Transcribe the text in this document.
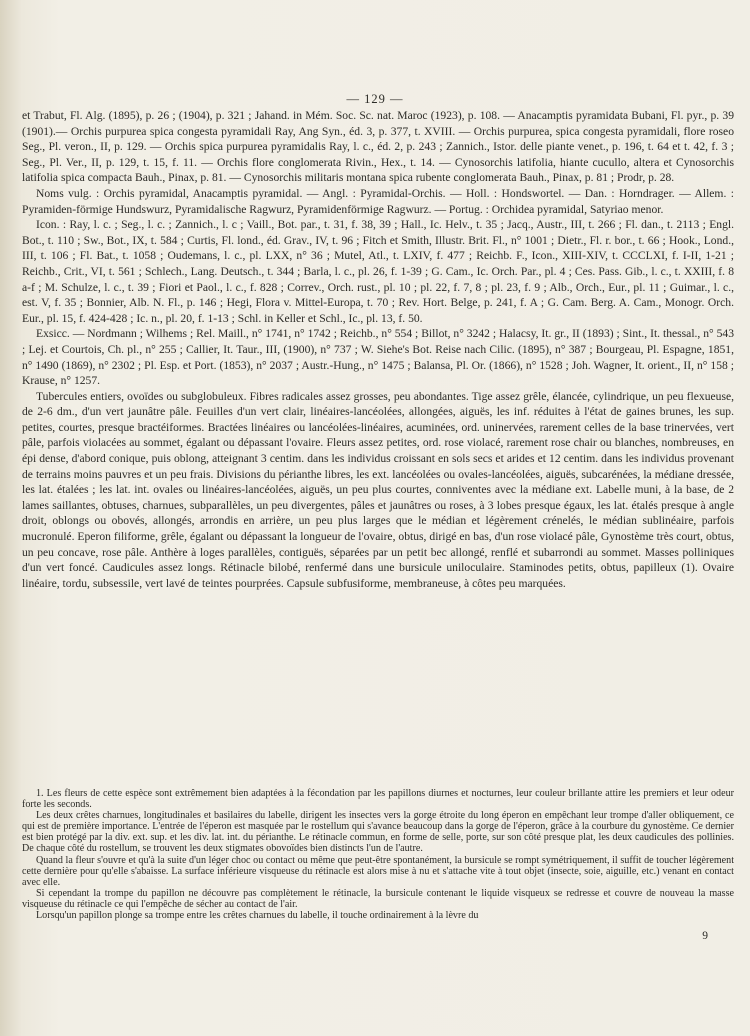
— 129 —

et Trabut, Fl. Alg. (1895), p. 26 ; (1904), p. 321 ; Jahand. in Mém. Soc. Sc. nat. Maroc (1923), p. 108. — Anacamptis pyramidata Bubani, Fl. pyr., p. 39 (1901).— Orchis purpurea spica congesta pyramidali Ray, Ang Syn., éd. 3, p. 377, t. XVIII. — Orchis purpurea, spica congesta pyramidali, flore roseo Seg., Pl. veron., II, p. 129. — Orchis spica purpurea pyramidalis Ray, l. c., éd. 2, p. 243 ; Zannich., Istor. delle piante venet., p. 196, t. 64 et t. 42, f. 3 ; Seg., Pl. Ver., II, p. 129, t. 15, f. 11. — Orchis flore conglomerata Rivin., Hex., t. 14. — Cynosorchis latifolia, hiante cucullo, altera et Cynosorchis latifolia spica compacta Bauh., Pinax, p. 81. — Cynosorchis militaris montana spica rubente conglomerata Bauh., Pinax, p. 81 ; Prodr, p. 28.

Noms vulg. : Orchis pyramidal, Anacamptis pyramidal. — Angl. : Pyramidal-Orchis. — Holl. : Hondswortel. — Dan. : Horndrager. — Allem. : Pyramiden-förmige Hundswurz, Pyramidalische Ragwurz, Pyramidenförmige Ragwurz. — Portug. : Orchidea pyramidal, Satyriao menor.

Icon. : Ray, l. c. ; Seg., l. c. ; Zannich., l. c ; Vaill., Bot. par., t. 31, f. 38, 39 ; Hall., Ic. Helv., t. 35 ; Jacq., Austr., III, t. 266 ; Fl. dan., t. 2113 ; Engl. Bot., t. 110 ; Sw., Bot., IX, t. 584 ; Curtis, Fl. lond., éd. Grav., IV, t. 96 ; Fitch et Smith, Illustr. Brit. Fl., n° 1001 ; Dietr., Fl. r. bor., t. 66 ; Hook., Lond., III, t. 106 ; Fl. Bat., t. 1058 ; Oudemans, l. c., pl. LXX, n° 36 ; Mutel, Atl., t. LXIV, f. 477 ; Reichb. F., Icon., XIII-XIV, t. CCCLXI, f. I-II, 1-21 ; Reichb., Crit., VI, t. 561 ; Schlech., Lang. Deutsch., t. 344 ; Barla, l. c., pl. 26, f. 1-39 ; G. Cam., Ic. Orch. Par., pl. 4 ; Ces. Pass. Gib., l. c., t. XXIII, f. 8 a-f ; M. Schulze, l. c., t. 39 ; Fiori et Paol., l. c., f. 828 ; Correv., Orch. rust., pl. 10 ; pl. 22, f. 7, 8 ; pl. 23, f. 9 ; Alb., Orch., Eur., pl. 11 ; Guimar., l. c., est. V, f. 35 ; Bonnier, Alb. N. Fl., p. 146 ; Hegi, Flora v. Mittel-Europa, t. 70 ; Rev. Hort. Belge, p. 241, f. A ; G. Cam. Berg. A. Cam., Monogr. Orch. Eur., pl. 15, f. 424-428 ; Ic. n., pl. 20, f. 1-13 ; Schl. in Keller et Schl., Ic., pl. 13, f. 50.

Exsicc. — Nordmann ; Wilhems ; Rel. Maill., n° 1741, n° 1742 ; Reichb., n° 554 ; Billot, n° 3242 ; Halacsy, It. gr., II (1893) ; Sint., It. thessal., n° 543 ; Lej. et Courtois, Ch. pl., n° 255 ; Callier, It. Taur., III, (1900), n° 737 ; W. Siehe's Bot. Reise nach Cilic. (1895), n° 387 ; Bourgeau, Pl. Espagne, 1851, n° 1490 (1869), n° 2302 ; Pl. Esp. et Port. (1853), n° 2037 ; Austr.-Hung., n° 1475 ; Balansa, Pl. Or. (1866), n° 1528 ; Joh. Wagner, It. orient., II, n° 158 ; Krause, n° 1257.

Tubercules entiers, ovoïdes ou subglobuleux. Fibres radicales assez grosses, peu abondantes. Tige assez grêle, élancée, cylindrique, un peu flexueuse, de 2-6 dm., d'un vert jaunâtre pâle. Feuilles d'un vert clair, linéaires-lancéolées, allongées, aiguës, les inf. réduites à l'état de gaines brunes, les sup. petites, courtes, presque bractéiformes. Bractées linéaires ou lancéolées-linéaires, acuminées, ord. uninervées, rarement celles de la base trinervées, vert pâle, parfois violacées au sommet, égalant ou dépassant l'ovaire. Fleurs assez petites, ord. rose violacé, rarement rose chair ou blanches, nombreuses, en épi dense, d'abord conique, puis oblong, atteignant 3 centim. dans les individus croissant en sols secs et arides et 12 centim. dans les individus provenant de terrains moins pauvres et un peu frais. Divisions du périanthe libres, les ext. lancéolées ou ovales-lancéolées, aiguës, subcarénées, la médiane dressée, les lat. étalées ; les lat. int. ovales ou linéaires-lancéolées, aiguës, un peu plus courtes, conniventes avec la médiane ext. Labelle muni, à la base, de 2 lames saillantes, obtuses, charnues, subparallèles, un peu divergentes, pâles et jaunâtres ou roses, à 3 lobes presque égaux, les lat. étalés presque à angle droit, oblongs ou obovés, allongés, arrondis en arrière, un peu plus larges que le médian et légèrement crénelés, le médian sublinéaire, parfois mucronulé. Eperon filiforme, grêle, égalant ou dépassant la longueur de l'ovaire, obtus, dirigé en bas, d'un rose violacé pâle, Gynostème très court, obtus, un peu concave, rose pâle. Anthère à loges parallèles, contiguës, séparées par un petit bec allongé, renflé et subarrondi au sommet. Masses polliniques d'un vert foncé. Caudicules assez longs. Rétinacle bilobé, renfermé dans une bursicule uniloculaire. Staminodes petits, obtus, papilleux (1). Ovaire linéaire, tordu, subsessile, vert lavé de teintes pourprées. Capsule subfusiforme, membraneuse, à côtes peu marquées.

1. Les fleurs de cette espèce sont extrêmement bien adaptées à la fécondation par les papillons diurnes et nocturnes, leur couleur brillante attire les premiers et leur odeur forte les seconds.

Les deux crêtes charnues, longitudinales et basilaires du labelle, dirigent les insectes vers la gorge étroite du long éperon en empêchant leur trompe d'aller obliquement, ce qui est de première importance. L'entrée de l'éperon est masquée par le rostellum qui s'avance beaucoup dans la gorge de l'éperon, grâce à la courbure du gynostème. Ce dernier est bien protégé par la div. ext. sup. et les div. lat. int. du périanthe. Le rétinacle commun, en forme de selle, porte, sur son côté presque plat, les deux caudicules des pollinies. De chaque côté du rostellum, se trouvent les deux stigmates obovoïdes bien distincts l'un de l'autre.

Quand la fleur s'ouvre et qu'à la suite d'un léger choc ou contact ou même que peut-être spontanément, la bursicule se rompt symétriquement, il suffit de toucher légèrement cette dernière pour qu'elle s'abaisse. La surface inférieure visqueuse du rétinacle est alors mise à nu et s'attache vite à tout objet (insecte, soie, aiguille, etc.) venant en contact avec elle.

Si cependant la trompe du papillon ne découvre pas complètement le rétinacle, la bursicule contenant le liquide visqueux se redresse et couvre de nouveau la masse visqueuse du rétinacle ce qui l'empêche de sécher au contact de l'air.

Lorsqu'un papillon plonge sa trompe entre les crêtes charnues du labelle, il touche ordinairement à la lèvre du

9
